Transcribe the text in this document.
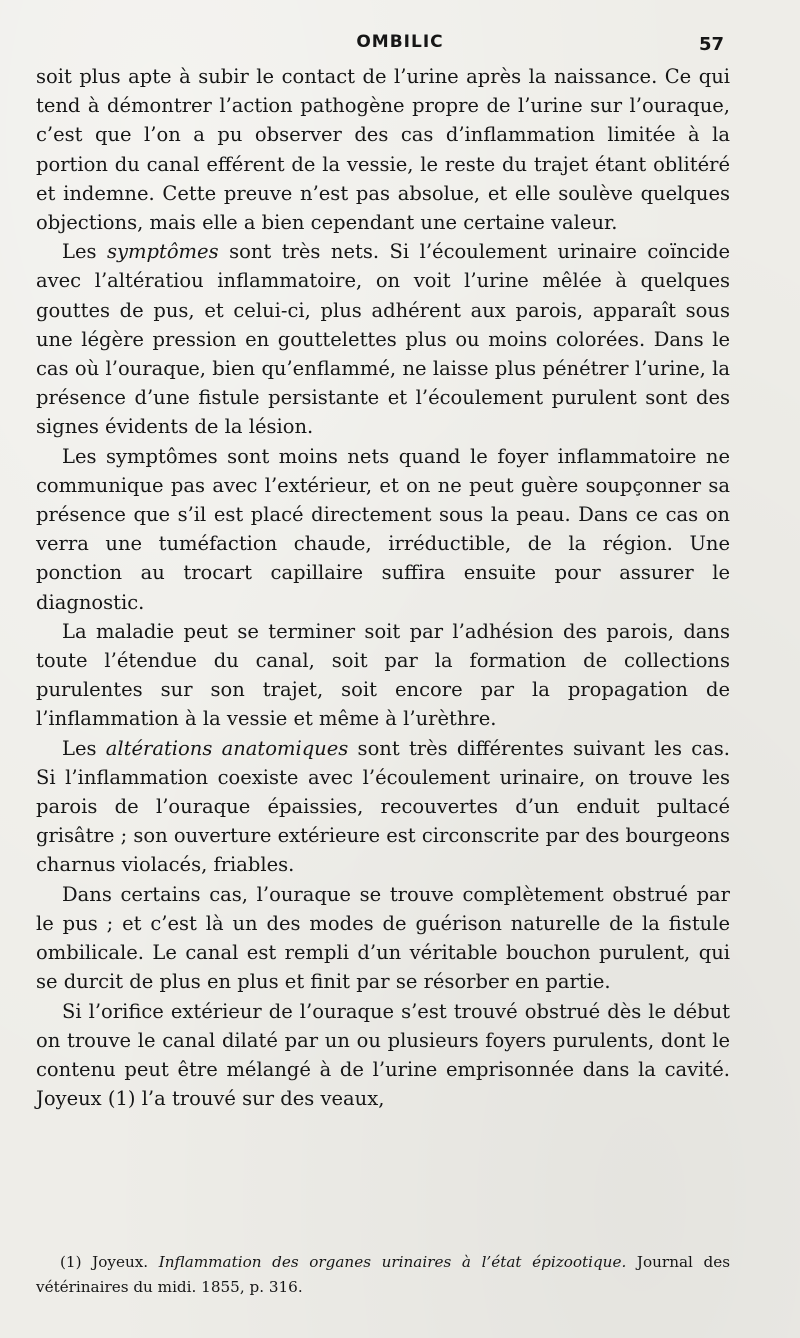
OMBILIC	57

soit plus apte à subir le contact de l’urine après la naissance. Ce qui tend à démontrer l’action pathogène propre de l’urine sur l’ouraque, c’est que l’on a pu observer des cas d’inflammation limitée à la portion du canal efférent de la vessie, le reste du trajet étant oblitéré et indemne. Cette preuve n’est pas absolue, et elle soulève quelques objections, mais elle a bien cependant une certaine valeur.

Les symptômes sont très nets. Si l’écoulement urinaire coïncide avec l’altératiou inflammatoire, on voit l’urine mêlée à quelques gouttes de pus, et celui-ci, plus adhérent aux parois, apparaît sous une légère pression en gouttelettes plus ou moins colorées. Dans le cas où l’ouraque, bien qu’enflammé, ne laisse plus pénétrer l’urine, la présence d’une fistule persistante et l’écoulement purulent sont des signes évidents de la lésion.

Les symptômes sont moins nets quand le foyer inflammatoire ne communique pas avec l’extérieur, et on ne peut guère soupçonner sa présence que s’il est placé directement sous la peau. Dans ce cas on verra une tuméfaction chaude, irréductible, de la région. Une ponction au trocart capillaire suffira ensuite pour assurer le diagnostic.

La maladie peut se terminer soit par l’adhésion des parois, dans toute l’étendue du canal, soit par la formation de collections purulentes sur son trajet, soit encore par la propagation de l’inflammation à la vessie et même à l’urèthre.

Les altérations anatomiques sont très différentes suivant les cas. Si l’inflammation coexiste avec l’écoulement urinaire, on trouve les parois de l’ouraque épaissies, recouvertes d’un enduit pultacé grisâtre ; son ouverture extérieure est circonscrite par des bourgeons charnus violacés, friables.

Dans certains cas, l’ouraque se trouve complètement obstrué par le pus ; et c’est là un des modes de guérison naturelle de la fistule ombilicale. Le canal est rempli d’un véritable bouchon purulent, qui se durcit de plus en plus et finit par se résorber en partie.

Si l’orifice extérieur de l’ouraque s’est trouvé obstrué dès le début on trouve le canal dilaté par un ou plusieurs foyers purulents, dont le contenu peut être mélangé à de l’urine emprisonnée dans la cavité. Joyeux (1) l’a trouvé sur des veaux,

(1) Joyeux. Inflammation des organes urinaires à l’état épizootique. Journal des vétérinaires du midi. 1855, p. 316.
